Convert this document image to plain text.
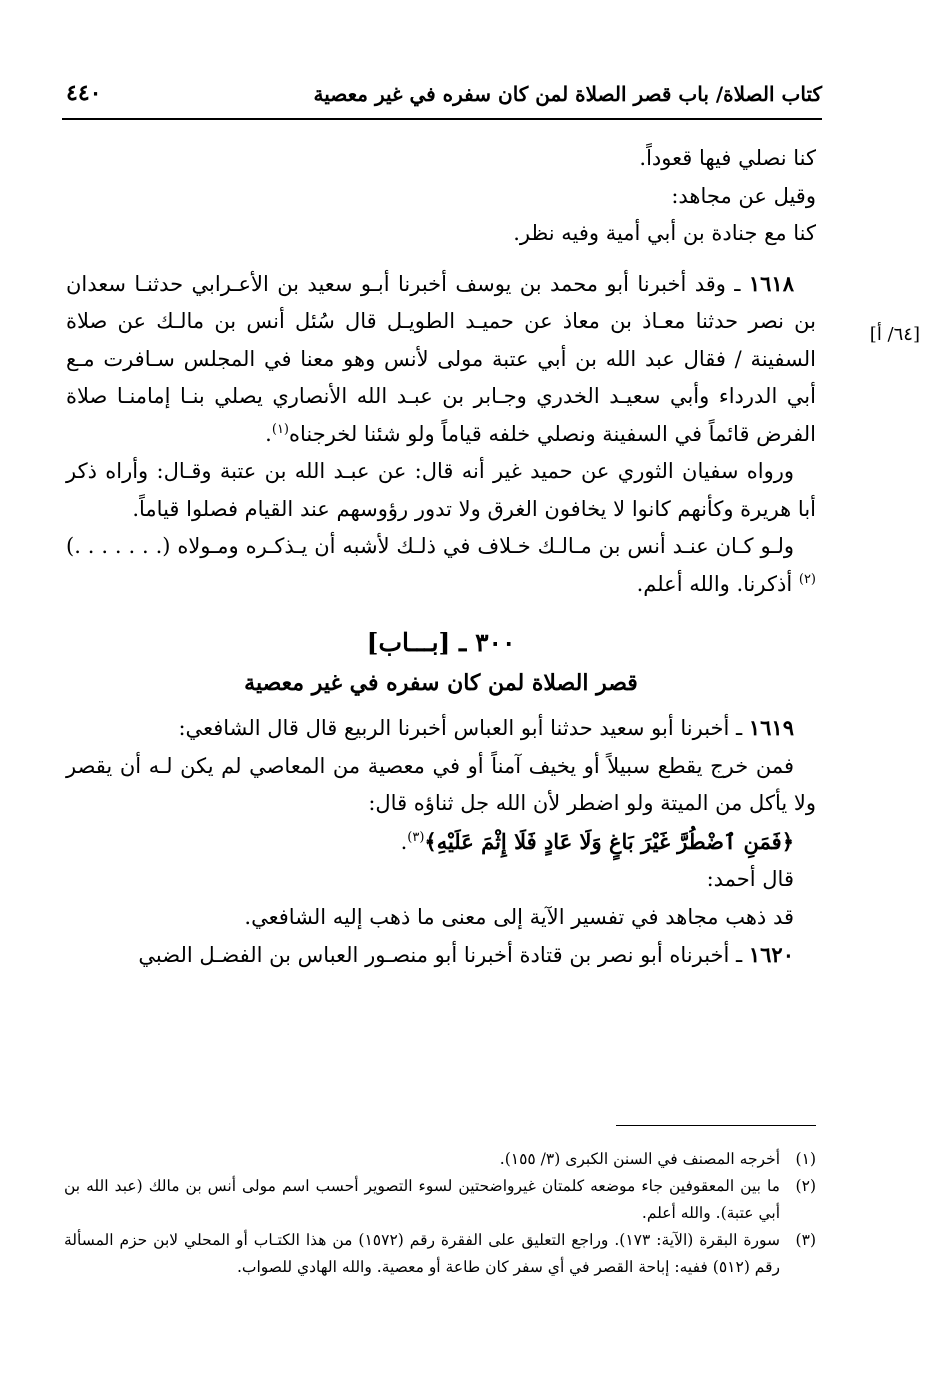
كتاب الصلاة/ باب قصر الصلاة لمن كان سفره في غير معصية
٤٤٠
[٦٤/ أ]

كنا نصلي فيها قعوداً.

وقيل عن مجاهد:

كنا مع جنادة بن أبي أمية وفيه نظر.

١٦١٨ ـ وقد أخبرنا أبو محمد بن يوسف أخبرنا أبـو سعيد بن الأعـرابي حدثنـا سعدان بن نصر حدثنا معـاذ بن معاذ عن حميـد الطويـل قال سُئل أنس بن مالـك عن صلاة السفينة / فقال عبد الله بن أبي عتبة مولى لأنس وهو معنا في المجلس سـافرت مـع أبي الدرداء وأبي سعيـد الخدري وجـابر بن عبـد الله الأنصاري يصلي بنـا إمامنـا صلاة الفرض قائماً في السفينة ونصلي خلفه قياماً ولو شئنا لخرجناه$^{(١)}$.

ورواه سفيان الثوري عن حميد غير أنه قال: عن عبـد الله بن عتبة وقـال: وأراه ذكر أبا هريرة وكأنهم كانوا لا يخافون الغرق ولا تدور رؤوسهم عند القيام فصلوا قياماً.

ولـو كـان عنـد أنس بن مـالـك خـلاف في ذلـك لأشبه أن يـذكـره ومـولاه (. . . . . . .)$^{(٢)}$ أذكرنا. والله أعلم.

٣٠٠ ـ [بـــاب]
قصر الصلاة لمن كان سفره في غير معصية

١٦١٩ ـ أخبرنا أبو سعيد حدثنا أبو العباس أخبرنا الربيع قال قال الشافعي:

فمن خرج يقطع سبيلاً أو يخيف آمناً أو في معصية من المعاصي لم يكن لـه أن يقصر ولا يأكل من الميتة ولو اضطر لأن الله جل ثناؤه قال:

﴿فَمَنِ ٱضْطُرَّ غَيْرَ بَاغٍ وَلَا عَادٍ فَلَا إِثْمَ عَلَيْهِ﴾$^{(٣)}$.

قال أحمد:

قد ذهب مجاهد في تفسير الآية إلى معنى ما ذهب إليه الشافعي.

١٦٢٠ ـ أخبرناه أبو نصر بن قتادة أخبرنا أبو منصـور العباس بن الفضـل الضبي

(١)
أخرجه المصنف في السنن الكبرى (٣/ ١٥٥).

(٢)
ما بين المعقوفين جاء موضعه كلمتان غيرواضحتين لسوء التصوير أحسب اسم مولى أنس بن مالك (عبد الله بن أبي عتبة). والله أعلم.

(٣)
سورة البقرة (الآية: ١٧٣). وراجع التعليق على الفقرة رقم (١٥٧٢) من هذا الكتـاب أو المحلي لابن حزم المسألة رقم (٥١٢) ففيه: إباحة القصر في أي سفر كان طاعة أو معصية. والله الهادي للصواب.
